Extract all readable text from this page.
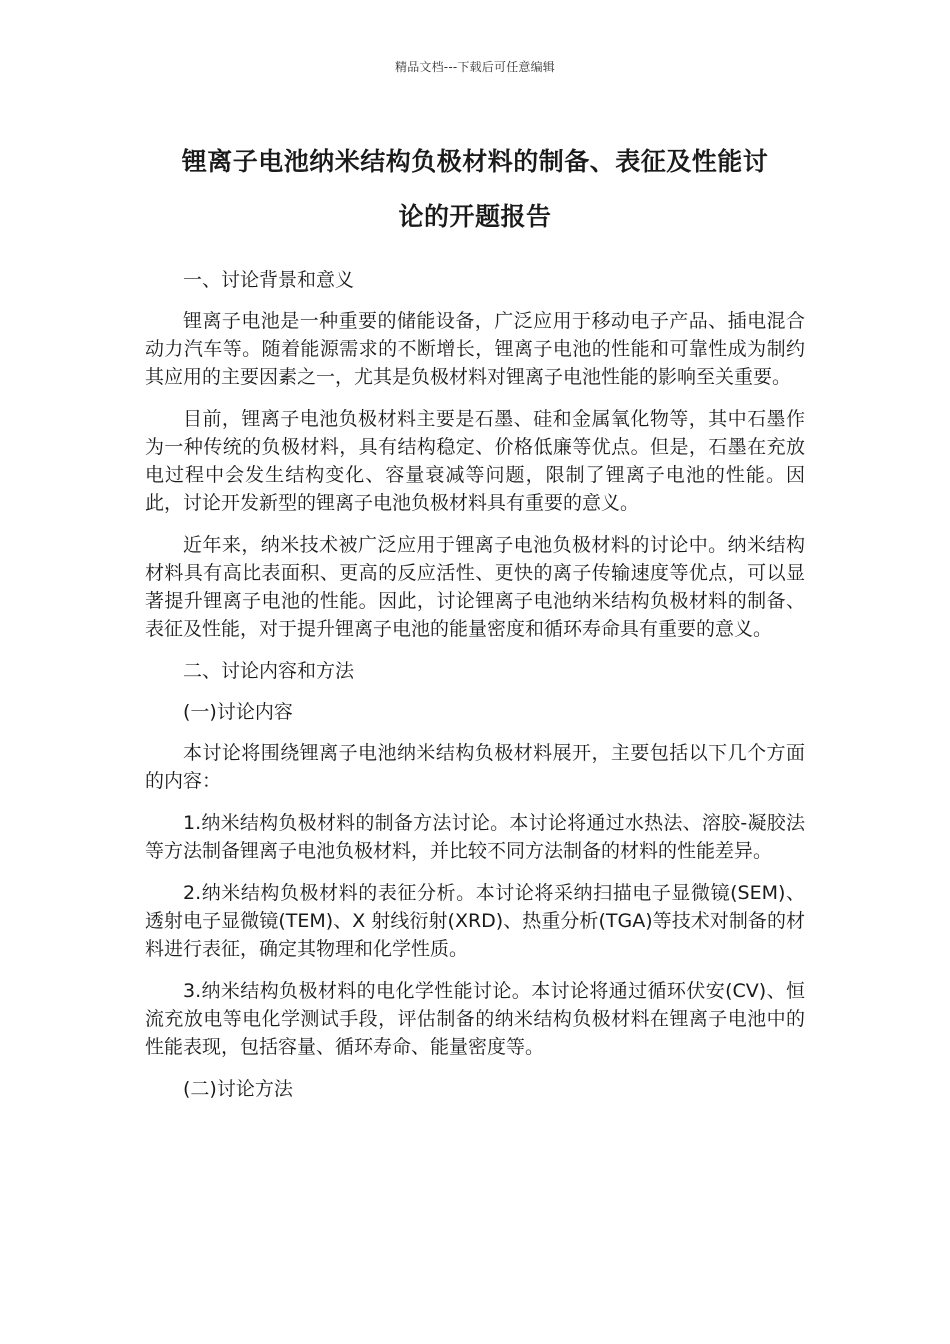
精品文档---下载后可任意编辑
锂离子电池纳米结构负极材料的制备、表征及性能讨
论的开题报告

一、讨论背景和意义

锂离子电池是一种重要的储能设备，广泛应用于移动电子产品、插电混合动力汽车等。随着能源需求的不断增长，锂离子电池的性能和可靠性成为制约其应用的主要因素之一，尤其是负极材料对锂离子电池性能的影响至关重要。

目前，锂离子电池负极材料主要是石墨、硅和金属氧化物等，其中石墨作为一种传统的负极材料，具有结构稳定、价格低廉等优点。但是，石墨在充放电过程中会发生结构变化、容量衰减等问题，限制了锂离子电池的性能。因此，讨论开发新型的锂离子电池负极材料具有重要的意义。

近年来，纳米技术被广泛应用于锂离子电池负极材料的讨论中。纳米结构材料具有高比表面积、更高的反应活性、更快的离子传输速度等优点，可以显著提升锂离子电池的性能。因此，讨论锂离子电池纳米结构负极材料的制备、表征及性能，对于提升锂离子电池的能量密度和循环寿命具有重要的意义。

二、讨论内容和方法

(一)讨论内容

本讨论将围绕锂离子电池纳米结构负极材料展开，主要包括以下几个方面的内容：

1.纳米结构负极材料的制备方法讨论。本讨论将通过水热法、溶胶-凝胶法等方法制备锂离子电池负极材料，并比较不同方法制备的材料的性能差异。

2.纳米结构负极材料的表征分析。本讨论将采纳扫描电子显微镜(SEM)、透射电子显微镜(TEM)、X 射线衍射(XRD)、热重分析(TGA)等技术对制备的材料进行表征，确定其物理和化学性质。

3.纳米结构负极材料的电化学性能讨论。本讨论将通过循环伏安(CV)、恒流充放电等电化学测试手段，评估制备的纳米结构负极材料在锂离子电池中的性能表现，包括容量、循环寿命、能量密度等。

(二)讨论方法
